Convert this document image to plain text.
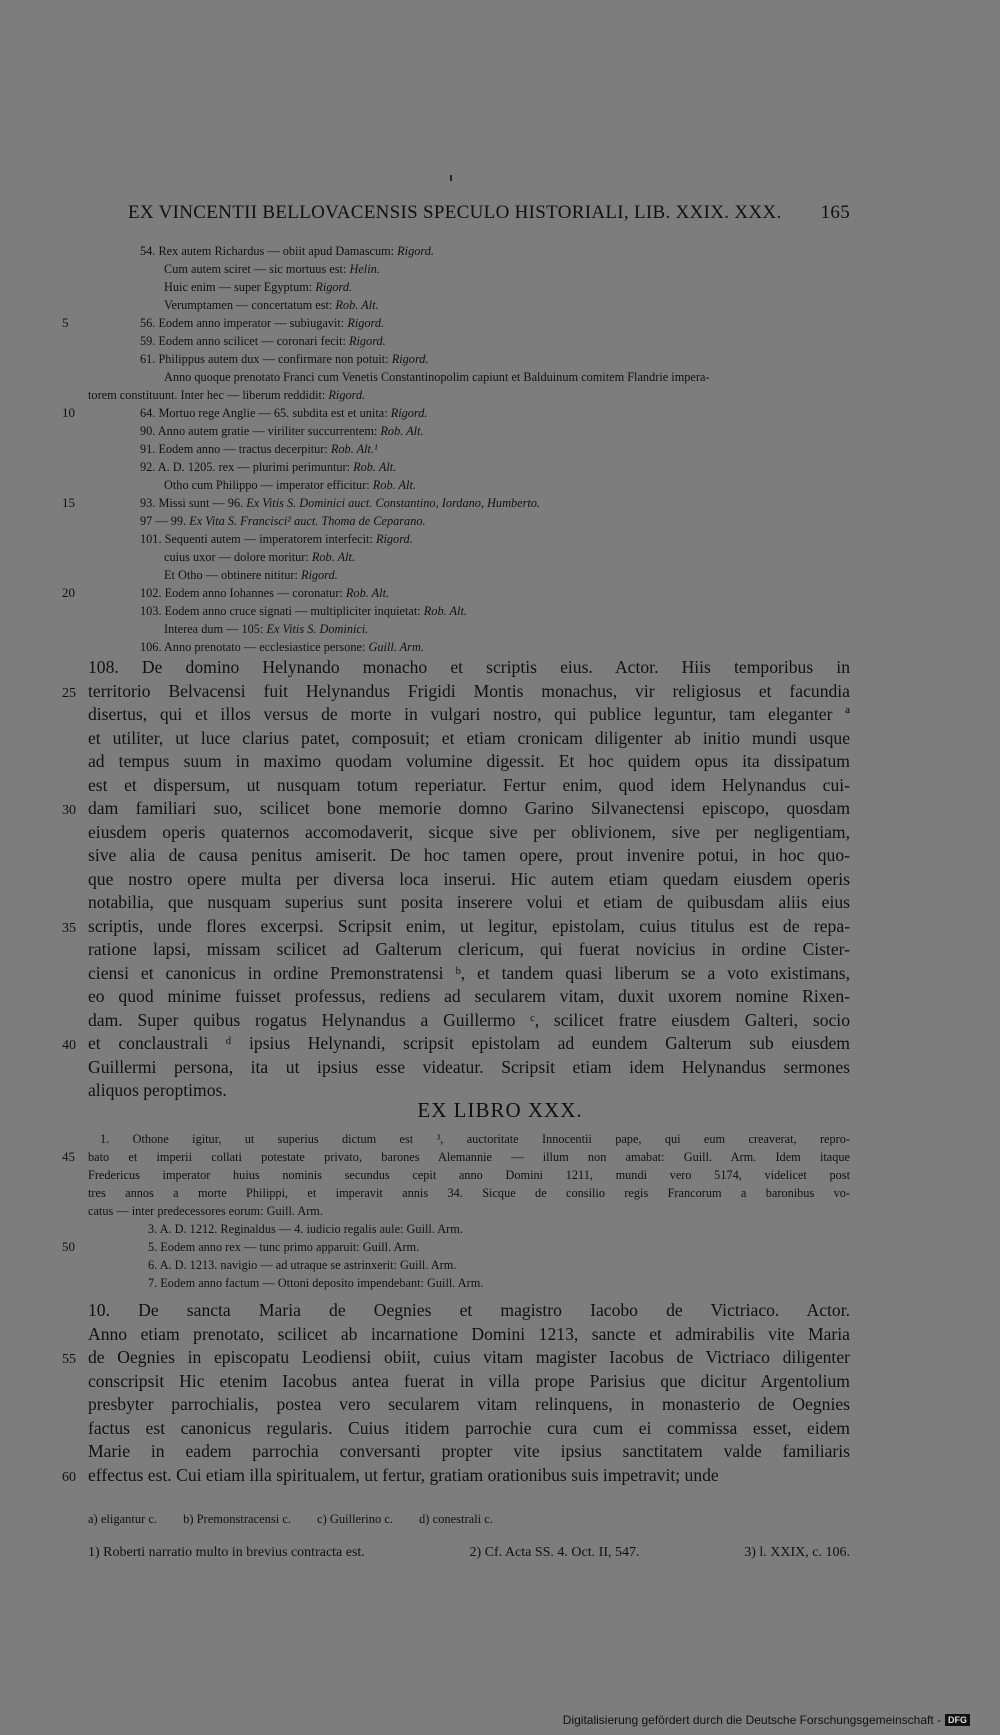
EX VINCENTII BELLOVACENSIS SPECULO HISTORIALI, LIB. XXIX. XXX. 165
54. Rex autem Richardus — obiit apud Damascum: Rigord.
Cum autem sciret — sic mortuus est: Helin.
Huic enim — super Egyptum: Rigord.
Verumptamen — concertatum est: Rob. Alt.
5	56. Eodem anno imperator — subiugavit: Rigord.
59. Eodem anno scilicet — coronari fecit: Rigord.
61. Philippus autem dux — confirmare non potuit: Rigord.
Anno quoque prenotato Franci cum Venetis Constantinopolim capiunt et Balduinum comitem Flandrie impera-
torem constituunt. Inter hec — liberum reddidit: Rigord.
10	64. Mortuo rege Anglie — 65. subdita est et unita: Rigord.
90. Anno autem gratie — viriliter succurrentem: Rob. Alt.
91. Eodem anno — tractus decerpitur: Rob. Alt.¹
92. A. D. 1205. rex — plurimi perimuntur: Rob. Alt.
Otho cum Philippo — imperator efficitur: Rob. Alt.
15	93. Missi sunt — 96. Ex Vitis S. Dominici auct. Constantino, Iordano, Humberto.
97 — 99. Ex Vita S. Francisci² auct. Thoma de Ceparano.
101. Sequenti autem — imperatorem interfecit: Rigord.
cuius uxor — dolore moritur: Rob. Alt.
Et Otho — obtinere nititur: Rigord.
20	102. Eodem anno Iohannes — coronatur: Rob. Alt.
103. Eodem anno cruce signati — multipliciter inquietat: Rob. Alt.
Interea dum — 105: Ex Vitis S. Dominici.
106. Anno prenotato — ecclesiastice persone: Guill. Arm.
108. De domino Helynando monacho et scriptis eius. Actor. Hiis temporibus in
25 territorio Belvacensi fuit Helynandus Frigidi Montis monachus, vir religiosus et facundia
disertus, qui et illos versus de morte in vulgari nostro, qui publice leguntur, tam eleganter ª
et utiliter, ut luce clarius patet, composuit; et etiam cronicam diligenter ab initio mundi usque
ad tempus suum in maximo quodam volumine digessit. Et hoc quidem opus ita dissipatum
est et dispersum, ut nusquam totum reperiatur. Fertur enim, quod idem Helynandus cui-
30 dam familiari suo, scilicet bone memorie domno Garino Silvanectensi episcopo, quosdam
eiusdem operis quaternos accomodaverit, sicque sive per oblivionem, sive per negligentiam,
sive alia de causa penitus amiserit. De hoc tamen opere, prout invenire potui, in hoc quo-
que nostro opere multa per diversa loca inserui. Hic autem etiam quedam eiusdem operis
notabilia, que nusquam superius sunt posita inserere volui et etiam de quibusdam aliis eius
35 scriptis, unde flores excerpsi. Scripsit enim, ut legitur, epistolam, cuius titulus est de repa-
ratione lapsi, missam scilicet ad Galterum clericum, qui fuerat novicius in ordine Cister-
ciensi et canonicus in ordine Premonstratensi ᵇ, et tandem quasi liberum se a voto existimans,
eo quod minime fuisset professus, rediens ad secularem vitam, duxit uxorem nomine Rixen-
dam. Super quibus rogatus Helynandus a Guillermo ᶜ, scilicet fratre eiusdem Galteri, socio
40 et conclaustrali ᵈ ipsius Helynandi, scripsit epistolam ad eundem Galterum sub eiusdem
Guillermi persona, ita ut ipsius esse videatur. Scripsit etiam idem Helynandus sermones
aliquos peroptimos.
EX LIBRO XXX.
1. Othone igitur, ut superius dictum est ³, auctoritate Innocentii pape, qui eum creaverat, repro-
45	bato et imperii collati potestate privato, barones Alemannie — illum non amabat: Guill. Arm. Idem itaque
Fredericus imperator huius nominis secundus cepit anno Domini 1211, mundi vero 5174, videlicet post
tres annos a morte Philippi, et imperavit annis 34. Sicque de consilio regis Francorum a baronibus vo-
catus — inter predecessores eorum: Guill. Arm.
3. A. D. 1212. Reginaldus — 4. iudicio regalis aule: Guill. Arm.
50	5. Eodem anno rex — tunc primo apparuit: Guill. Arm.
6. A. D. 1213. navigio — ad utraque se astrinxerit: Guill. Arm.
7. Eodem anno factum — Ottoni deposito impendebant: Guill. Arm.
10. De sancta Maria de Oegnies et magistro Iacobo de Victriaco. Actor.
Anno etiam prenotato, scilicet ab incarnatione Domini 1213, sancte et admirabilis vite Maria
55 de Oegnies in episcopatu Leodiensi obiit, cuius vitam magister Iacobus de Victriaco diligenter
conscripsit Hic etenim Iacobus antea fuerat in villa prope Parisius que dicitur Argentolium
presbyter parrochialis, postea vero secularem vitam relinquens, in monasterio de Oegnies
factus est canonicus regularis. Cuius itidem parrochie cura cum ei commissa esset, eidem
Marie in eadem parrochia conversanti propter vite ipsius sanctitatem valde familiaris
60 effectus est. Cui etiam illa spiritualem, ut fertur, gratiam orationibus suis impetravit; unde
a) eligantur c. b) Premonstracensi c. c) Guillerino c. d) conestrali c.
1) Roberti narratio multo in brevius contracta est.	2) Cf. Acta SS. 4. Oct. II, 547.	3) l. XXIX, c. 106.
Digitalisierung gefördert durch die Deutsche Forschungsgemeinschaft - DFG
